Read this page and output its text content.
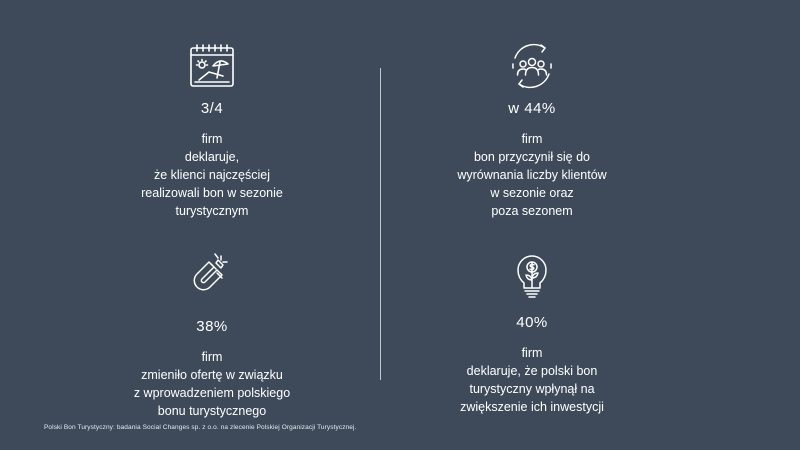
3/4
firm
deklaruje,
że klienci najczęściej
realizowali bon w sezonie
turystycznym
w 44%
firm
bon przyczynił się do
wyrównania liczby klientów
w sezonie oraz
poza sezonem
38%
firm
zmieniło ofertę w związku
z wprowadzeniem polskiego
bonu turystycznego
40%
firm
deklaruje, że polski bon
turystyczny wpłynął na
zwiększenie ich inwestycji
Polski Bon Turystyczny: badania Social Changes sp. z o.o. na zlecenie Polskiej Organizacji Turystycznej.
